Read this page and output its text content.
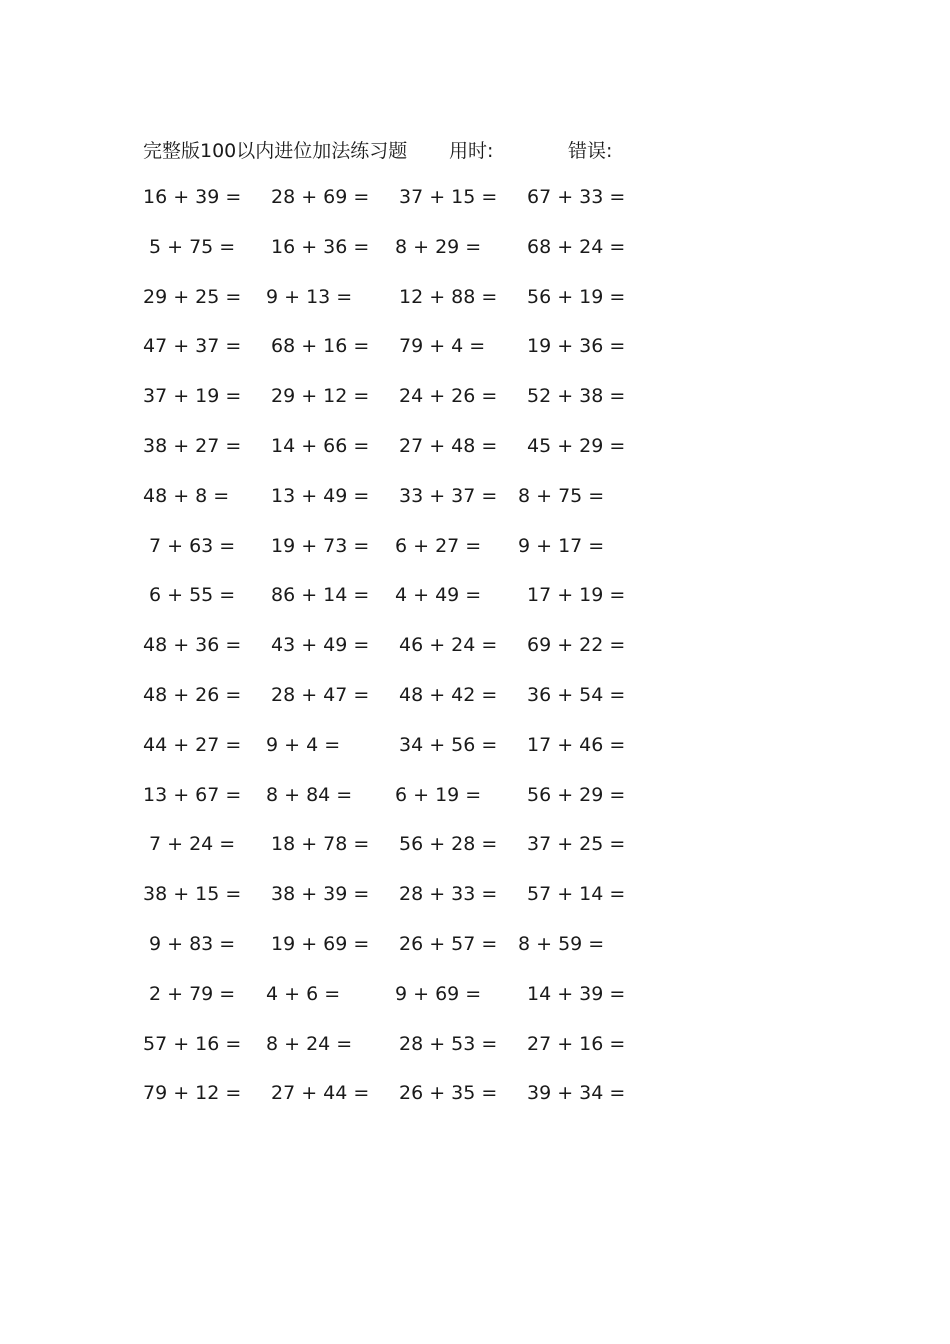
完整版100以内进位加法练习题 用时:	错误:
16 + 39 = 28 + 69 = 37 + 15 = 67 + 33 =
5 + 75 = 16 + 36 = 8 + 29 = 68 + 24 =
29 + 25 = 9 + 13 = 12 + 88 = 56 + 19 =
47 + 37 = 68 + 16 = 79 + 4 = 19 + 36 =
37 + 19 = 29 + 12 = 24 + 26 = 52 + 38 =
38 + 27 = 14 + 66 = 27 + 48 = 45 + 29 =
48 + 8 = 13 + 49 = 33 + 37 = 8 + 75 =
7 + 63 = 19 + 73 = 6 + 27 = 9 + 17 =
6 + 55 = 86 + 14 = 4 + 49 = 17 + 19 =
48 + 36 = 43 + 49 = 46 + 24 = 69 + 22 =
48 + 26 = 28 + 47 = 48 + 42 = 36 + 54 =
44 + 27 = 9 + 4 =	34 + 56 = 17 + 46 =
13 + 67 = 8 + 84 = 6 + 19 = 56 + 29 =
7 + 24 = 18 + 78 = 56 + 28 = 37 + 25 =
38 + 15 = 38 + 39 = 28 + 33 = 57 + 14 =
9 + 83 = 19 + 69 = 26 + 57 = 8 + 59 =
2 + 79 = 4 + 6 =	9 + 69 = 14 + 39 =
57 + 16 = 8 + 24 = 28 + 53 = 27 + 16 =
79 + 12 = 27 + 44 = 26 + 35 = 39 + 34 =
